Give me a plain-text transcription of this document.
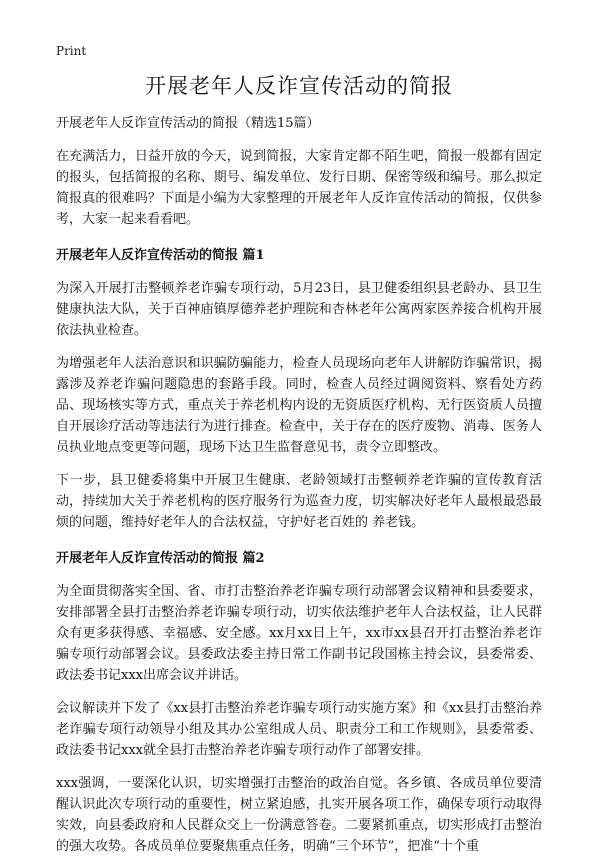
Print
开展老年人反诈宣传活动的简报
开展老年人反诈宣传活动的简报（精选15篇）

在充满活力，日益开放的今天，说到简报，大家肯定都不陌生吧，简报一般都有固定的报头，包括简报的名称、期号、编发单位、发行日期、保密等级和编号。那么拟定简报真的很难吗？下面是小编为大家整理的开展老年人反诈宣传活动的简报，仅供参考，大家一起来看看吧。

开展老年人反诈宣传活动的简报 篇1

为深入开展打击整顿养老诈骗专项行动，5月23日，县卫健委组织县老龄办、县卫生健康执法大队，关于百神庙镇厚德养老护理院和杏林老年公寓两家医养接合机构开展依法执业检查。

为增强老年人法治意识和识骗防骗能力，检查人员现场向老年人讲解防诈骗常识，揭露涉及养老诈骗问题隐患的套路手段。同时，检查人员经过调阅资料、察看处方药品、现场核实等方式，重点关于养老机构内设的无资质医疗机构、无行医资质人员擅自开展诊疗活动等违法行为进行排查。检查中，关于存在的医疗废物、消毒、医务人员执业地点变更等问题，现场下达卫生监督意见书，责令立即整改。

下一步，县卫健委将集中开展卫生健康、老龄领域打击整顿养老诈骗的宣传教育活动，持续加大关于养老机构的医疗服务行为巡查力度，切实解决好老年人最根最恐最烦的问题，维持好老年人的合法权益，守护好老百姓的 养老钱。

开展老年人反诈宣传活动的简报 篇2

为全面贯彻落实全国、省、市打击整治养老诈骗专项行动部署会议精神和县委要求，安排部署全县打击整治养老诈骗专项行动，切实依法维护老年人合法权益，让人民群众有更多获得感、幸福感、安全感。xx月xx日上午，xx市xx县召开打击整治养老诈骗专项行动部署会议。县委政法委主持日常工作副书记段国栋主持会议，县委常委、政法委书记xxx出席会议并讲话。

会议解读并下发了《xx县打击整治养老诈骗专项行动实施方案》和《xx县打击整治养老诈骗专项行动领导小组及其办公室组成人员、职责分工和工作规则》，县委常委、政法委书记xxx就全县打击整治养老诈骗专项行动作了部署安排。

xxx强调，一要深化认识，切实增强打击整治的政治自觉。各乡镇、各成员单位要清醒认识此次专项行动的重要性，树立紧迫感，扎实开展各项工作，确保专项行动取得实效，向县委政府和人民群众交上一份满意答卷。二要紧抓重点，切实形成打击整治的强大攻势。各成员单位要聚焦重点任务，明确“三个环节”，把准“十个重
